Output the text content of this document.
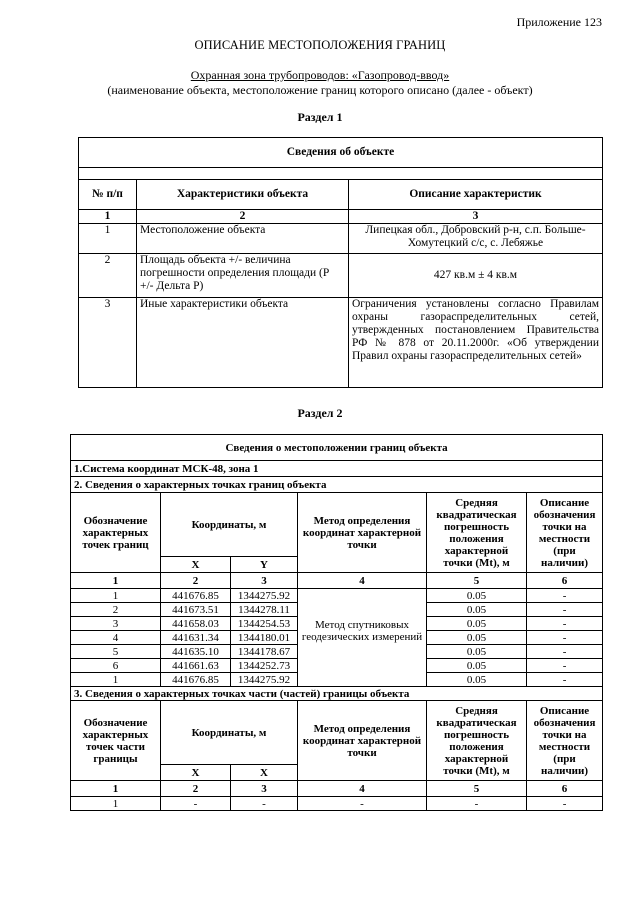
Приложение 123
ОПИСАНИЕ МЕСТОПОЛОЖЕНИЯ ГРАНИЦ
Охранная зона трубопроводов: «Газопровод-ввод»
(наименование объекта, местоположение границ которого описано (далее - объект)
Раздел 1
Сведения об объекте		

№ п/п	Характеристики объекта	Описание характеристик
1	2	3
1	Местоположение объекта	Липецкая обл., Добровский р-н, с.п. Больше-Хомутецкий с/с, с. Лебяжье
2	Площадь объекта +/- величина погрешности определения площади (Р +/- Дельта Р)	427 кв.м ± 4 кв.м
3	Иные характеристики объекта	Ограничения установлены согласно Правилам охраны газораспределительных сетей, утвержденных постановлением Правительства РФ № 878 от 20.11.2000г. «Об утверждении Правил охраны газораспределительных сетей»
Раздел 2
Сведения о местоположении границ объекта					
1.Система координат МСК-48, зона 1					
2. Сведения о характерных точках границ объекта					
Обозначение характерных точек границ	Координаты, м		Метод определения координат характерной точки	Средняя квадратическая погрешность положения характерной точки (Mt), м	Описание обозначения точки на местности (при наличии)
	X	Y			
1	2	3	4	5	6
1	441676.85	1344275.92	Метод спутниковых геодезических измерений	0.05	-
2	441673.51	1344278.11		0.05	-
3	441658.03	1344254.53		0.05	-
4	441631.34	1344180.01		0.05	-
5	441635.10	1344178.67		0.05	-
6	441661.63	1344252.73		0.05	-
1	441676.85	1344275.92		0.05	-
3. Сведения о характерных точках части (частей) границы объекта					
Обозначение характерных точек части границы	Координаты, м		Метод определения координат характерной точки	Средняя квадратическая погрешность положения характерной точки (Mt), м	Описание обозначения точки на местности (при наличии)
	X	X			
1	2	3	4	5	6
1	-	-	-	-	-
